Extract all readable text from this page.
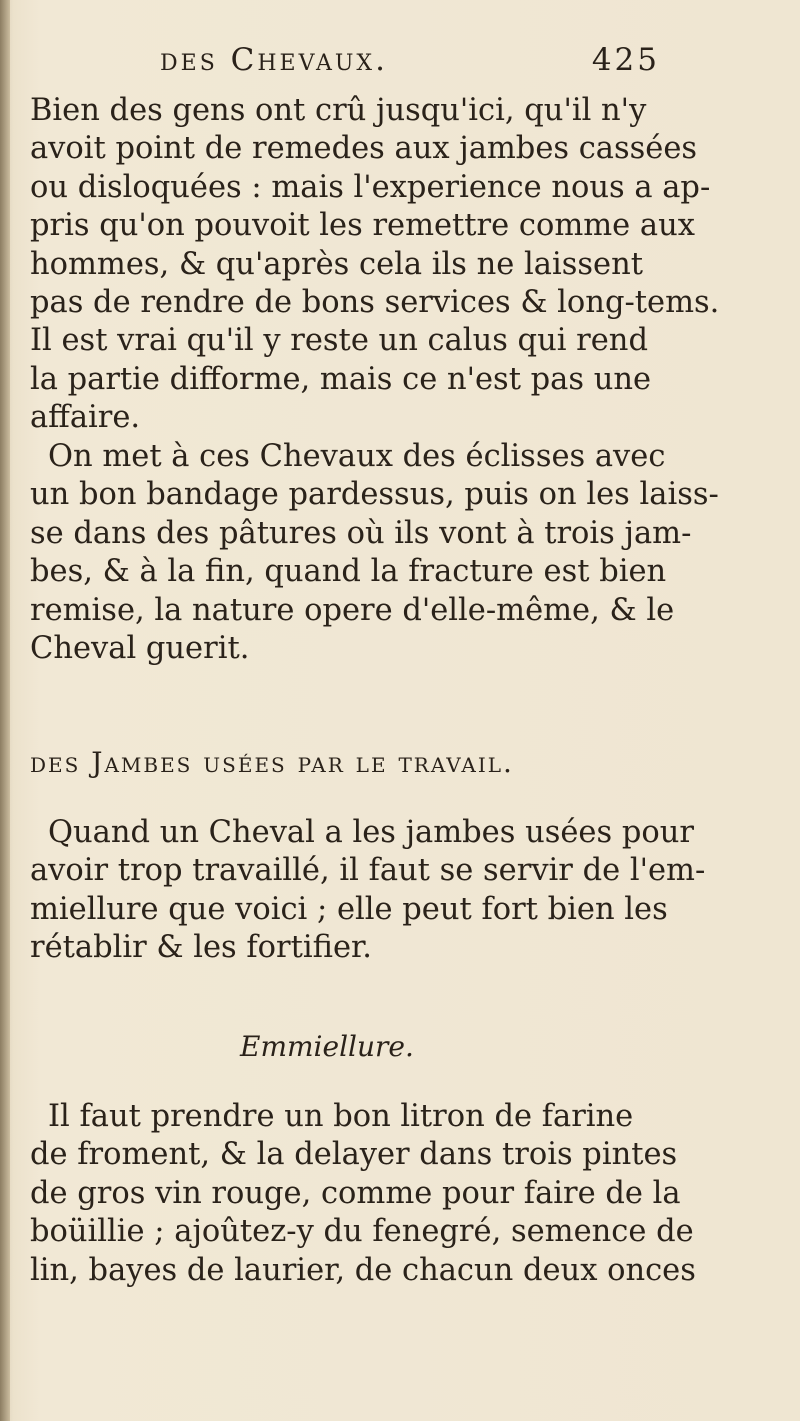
des Chevaux.	425
Bien des gens ont crû jusqu'ici, qu'il n'y
avoit point de remedes aux jambes cassées
ou disloquées : mais l'experience nous a ap-
pris qu'on pouvoit les remettre comme aux
hommes, & qu'après cela ils ne laissent
pas de rendre de bons services & long-tems.
Il est vrai qu'il y reste un calus qui rend
la partie difforme, mais ce n'est pas une
affaire.
On met à ces Chevaux des éclisses avec
un bon bandage pardessus, puis on les laiss-
se dans des pâtures où ils vont à trois jam-
bes, & à la fin, quand la fracture est bien
remise, la nature opere d'elle-même, & le
Cheval guerit.
des Jambes usées par le travail.
Quand un Cheval a les jambes usées pour
avoir trop travaillé, il faut se servir de l'em-
miellure que voici ; elle peut fort bien les
rétablir & les fortifier.
Emmiellure.
Il faut prendre un bon litron de farine
de froment, & la delayer dans trois pintes
de gros vin rouge, comme pour faire de la
boüillie ; ajoûtez-y du fenegré, semence de
lin, bayes de laurier, de chacun deux onces
